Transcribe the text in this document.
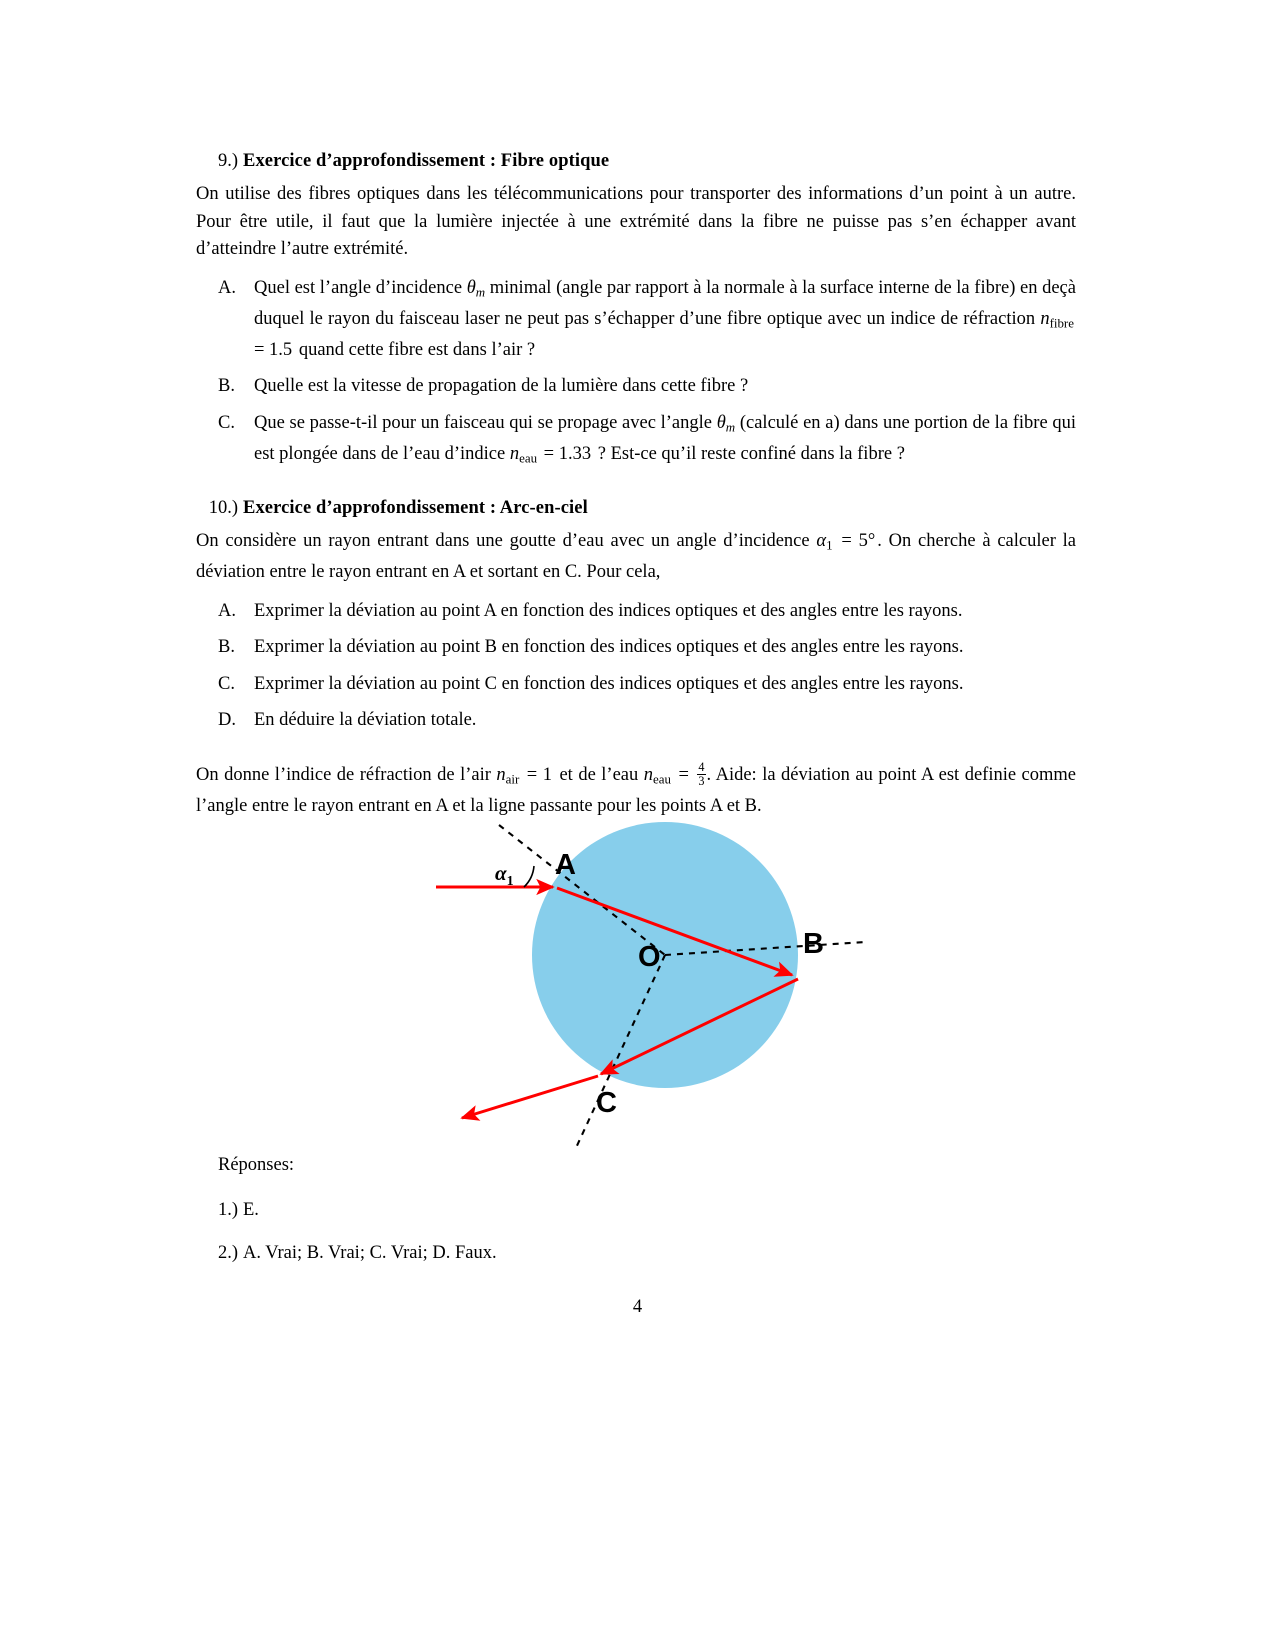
9.) Exercice d’approfondissement : Fibre optique
On utilise des fibres optiques dans les télécommunications pour transporter des informations d’un point à un autre. Pour être utile, il faut que la lumière injectée à une extrémité dans la fibre ne puisse pas s’en échapper avant d’atteindre l’autre extrémité.
A. Quel est l’angle d’incidence θm minimal (angle par rapport à la normale à la surface interne de la fibre) en deçà duquel le rayon du faisceau laser ne peut pas s’échapper d’une fibre optique avec un indice de réfraction $n_{fibre} = 1.5$ quand cette fibre est dans l’air ?
B.	Quelle est la vitesse de propagation de la lumière dans cette fibre ?
C.	Que se passe-t-il pour un faisceau qui se propage avec l’angle θm (calculé en a) dans une portion de la fibre qui est plongée dans de l’eau d’indice $n_{eau} = 1.33$ ? Est-ce qu’il reste confiné dans la fibre ?
10.) Exercice d’approfondissement : Arc-en-ciel
On considère un rayon entrant dans une goutte d’eau avec un angle d’incidence $\alpha_1 = 5^\circ$ . On cherche à calculer la déviation entre le rayon entrant en A et sortant en C. Pour cela,
A. Exprimer la déviation au point A en fonction des indices optiques et des angles entre les rayons.
B.	Exprimer la déviation au point B en fonction des indices optiques et des angles entre les rayons.
C.	Exprimer la déviation au point C en fonction des indices optiques et des angles entre les rayons.
D. En déduire la déviation totale.
On donne l’indice de réfraction de l’air $n_{air} = 1$ et de l’eau $n_{eau} = \frac{4}{3}$ . Aide: la déviation au point A est definie comme l’angle entre le rayon entrant en A et la ligne passante pour les points A et B.
$\alpha_1$
A
B
C
O
Réponses:
1.) E.
2.) A. Vrai; B. Vrai; C. Vrai; D. Faux.
4
